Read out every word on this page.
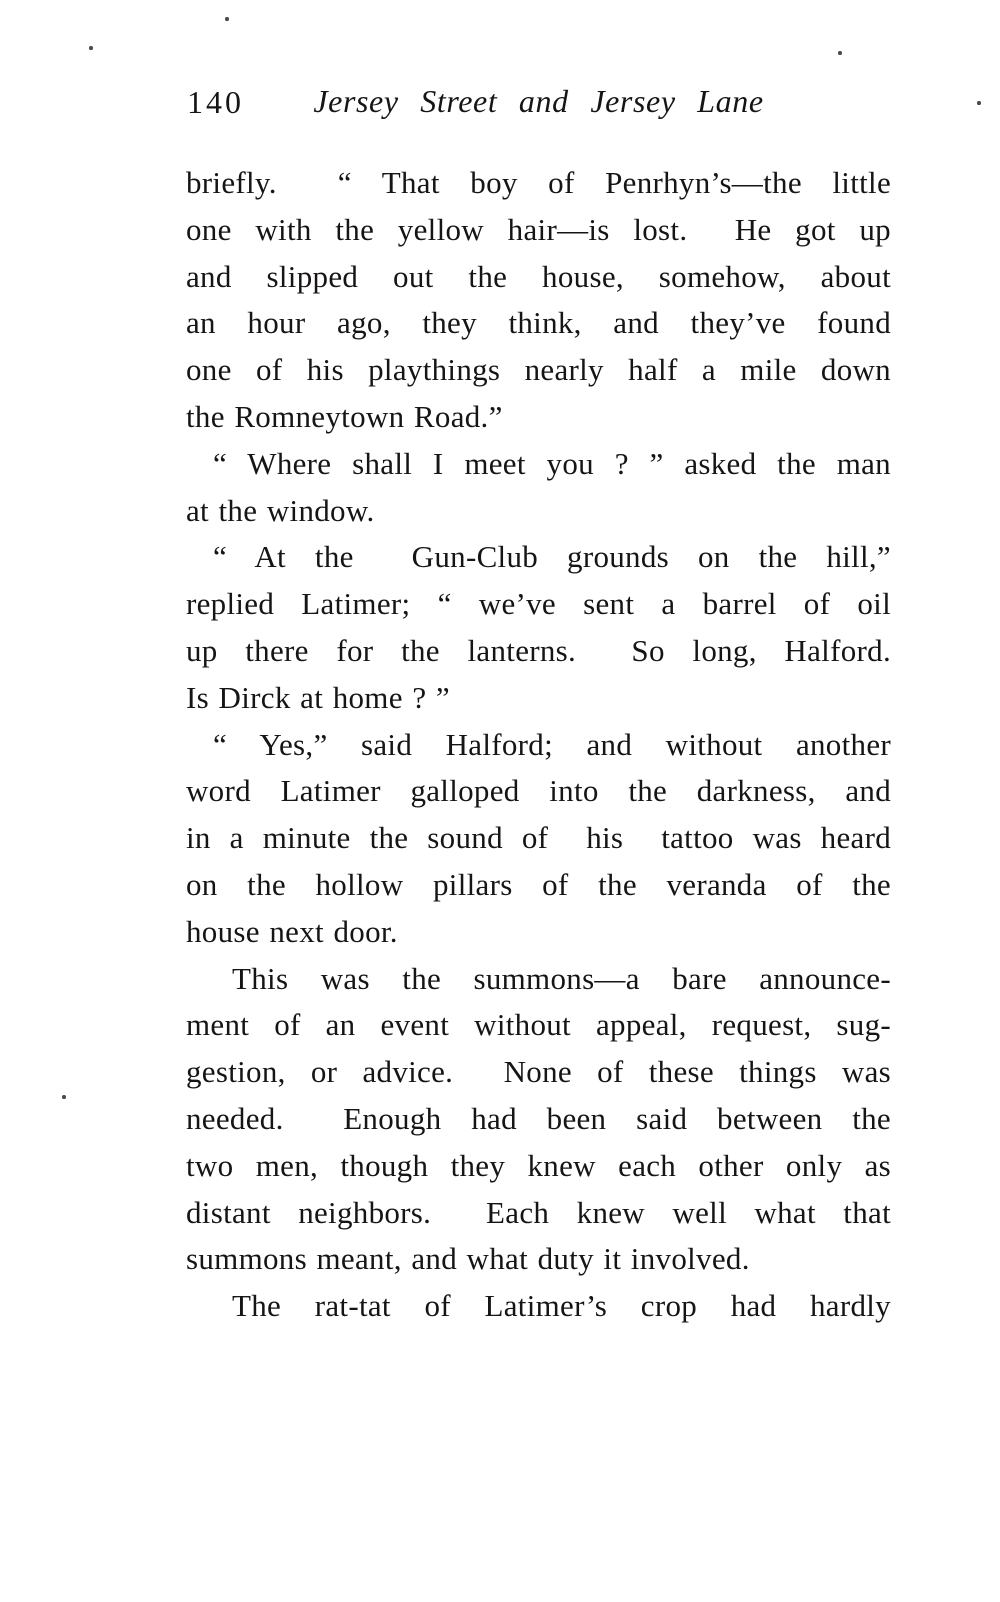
140	Jersey Street and Jersey Lane
briefly.  “ That boy of Penrhyn’s—the little
one with the yellow hair—is lost.  He got up
and slipped out the house, somehow, about
an hour ago, they think, and they’ve found
one of his playthings nearly half a mile down
the Romneytown Road.”
“ Where shall I meet you ? ” asked the man
at the window.
“ At the  Gun-Club grounds on the hill,”
replied Latimer; “ we’ve sent a barrel of oil
up there for the lanterns.  So long, Halford.
Is Dirck at home ? ”
“ Yes,” said Halford; and without another
word Latimer galloped into the darkness, and
in a minute the sound of  his  tattoo was heard
on the hollow pillars of the veranda of the
house next door.
This was the summons—a bare announce-
ment of an event without appeal, request, sug-
gestion, or advice.  None of these things was
needed.  Enough had been said between the
two men, though they knew each other only as
distant neighbors.  Each knew well what that
summons meant, and what duty it involved.
The rat-tat of Latimer’s crop had hardly
